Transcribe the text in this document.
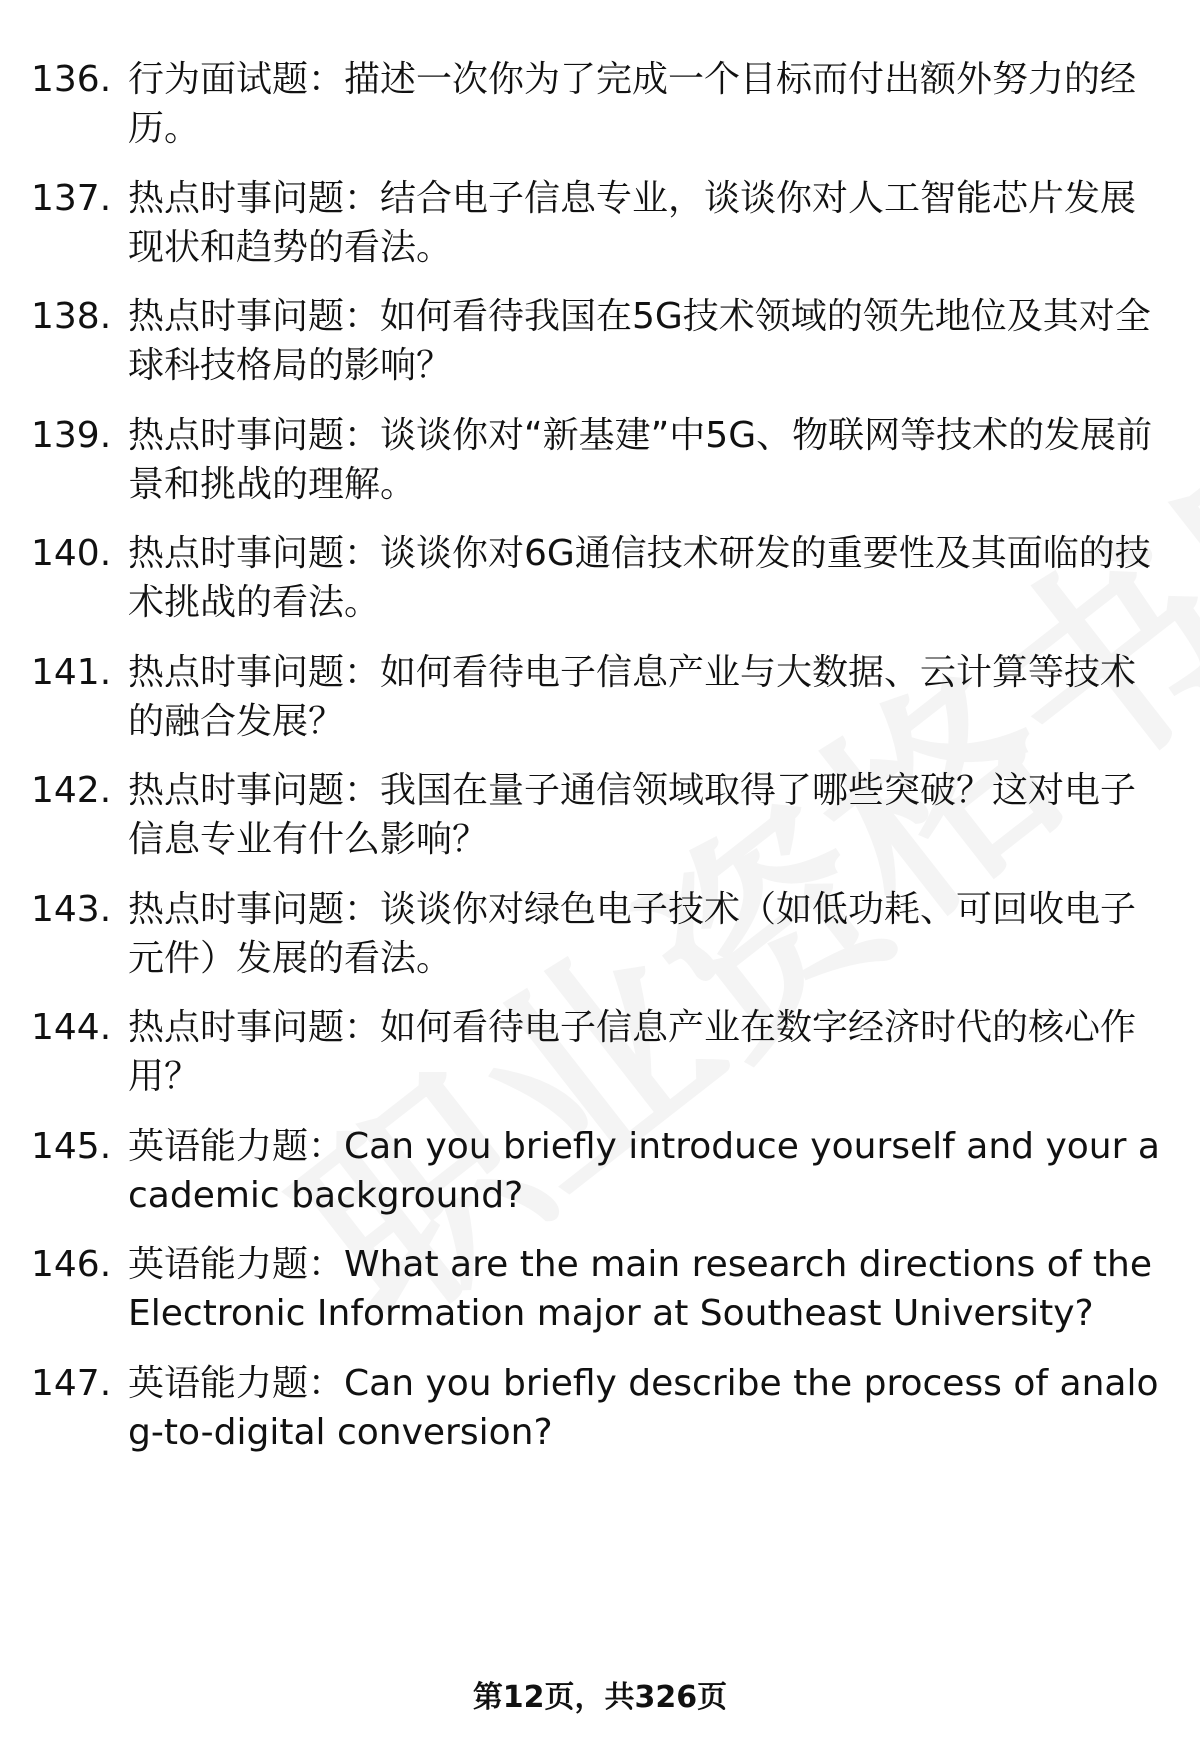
136. 行为面试题：描述一次你为了完成一个目标而付出额外努力的经历。
137. 热点时事问题：结合电子信息专业，谈谈你对人工智能芯片发展现状和趋势的看法。
138. 热点时事问题：如何看待我国在5G技术领域的领先地位及其对全球科技格局的影响？
139. 热点时事问题：谈谈你对“新基建”中5G、物联网等技术的发展前景和挑战的理解。
140. 热点时事问题：谈谈你对6G通信技术研发的重要性及其面临的技术挑战的看法。
141. 热点时事问题：如何看待电子信息产业与大数据、云计算等技术的融合发展？
142. 热点时事问题：我国在量子通信领域取得了哪些突破？这对电子信息专业有什么影响？
143. 热点时事问题：谈谈你对绿色电子技术（如低功耗、可回收电子元件）发展的看法。
144. 热点时事问题：如何看待电子信息产业在数字经济时代的核心作用？
145. 英语能力题：Can you briefly introduce yourself and your academic background?
146. 英语能力题：What are the main research directions of the Electronic Information major at Southeast University?
147. 英语能力题：Can you briefly describe the process of analog-to-digital conversion?
第12页，共326页
